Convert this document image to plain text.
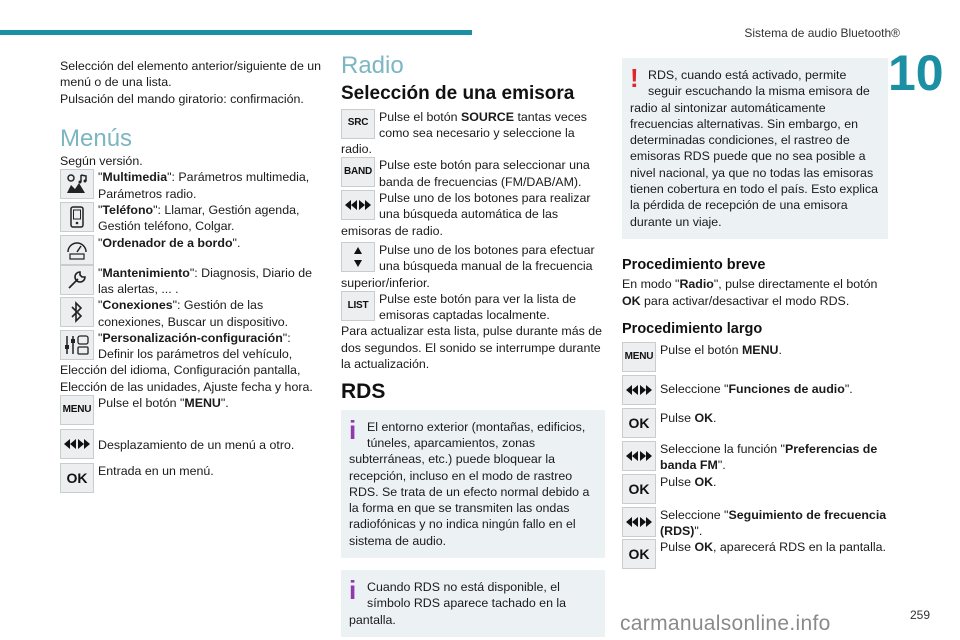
Sistema de audio Bluetooth®
10

Selección del elemento anterior/siguiente de un menú o de una lista.

Pulsación del mando giratorio: confirmación.

Menús

Según versión.

"Multimedia": Parámetros multimedia, Parámetros radio.

"Teléfono": Llamar, Gestión agenda, Gestión teléfono, Colgar.

"Ordenador de a bordo".

"Mantenimiento": Diagnosis, Diario de las alertas, ... .

"Conexiones": Gestión de las conexiones, Buscar un dispositivo.

"Personalización-configuración": Definir los parámetros del vehículo, Elección del idioma, Configuración pantalla, Elección de las unidades, Ajuste fecha y hora.

MENU Pulse el botón "MENU".

Desplazamiento de un menú a otro.

OK Entrada en un menú.

Radio
Selección de una emisora
SRC Pulse el botón SOURCE tantas veces como sea necesario y seleccione la radio.

BAND Pulse este botón para seleccionar una banda de frecuencias (FM/DAB/AM).

Pulse uno de los botones para realizar una búsqueda automática de las emisoras de radio.

Pulse uno de los botones para efectuar una búsqueda manual de la frecuencia superior/inferior.

LIST Pulse este botón para ver la lista de emisoras captadas localmente.

Para actualizar esta lista, pulse durante más de dos segundos. El sonido se interrumpe durante la actualización.

RDS
i El entorno exterior (montañas, edificios, túneles, aparcamientos, zonas subterráneas, etc.) puede bloquear la recepción, incluso en el modo de rastreo RDS. Se trata de un efecto normal debido a la forma en que se transmiten las ondas radiofónicas y no indica ningún fallo en el sistema de audio.

i Cuando RDS no está disponible, el símbolo RDS aparece tachado en la pantalla.

! RDS, cuando está activado, permite seguir escuchando la misma emisora de radio al sintonizar automáticamente frecuencias alternativas. Sin embargo, en determinadas condiciones, el rastreo de emisoras RDS puede que no sea posible a nivel nacional, ya que no todas las emisoras tienen cobertura en todo el país. Esto explica la pérdida de recepción de una emisora durante un viaje.

Procedimiento breve

En modo "Radio", pulse directamente el botón OK para activar/desactivar el modo RDS.

Procedimiento largo
MENU Pulse el botón MENU.

Seleccione "Funciones de audio".

OK Pulse OK.

Seleccione la función "Preferencias de banda FM".

OK Pulse OK.

Seleccione "Seguimiento de frecuencia (RDS)".

OK Pulse OK, aparecerá RDS en la pantalla.

carmanualsonline.info	259
